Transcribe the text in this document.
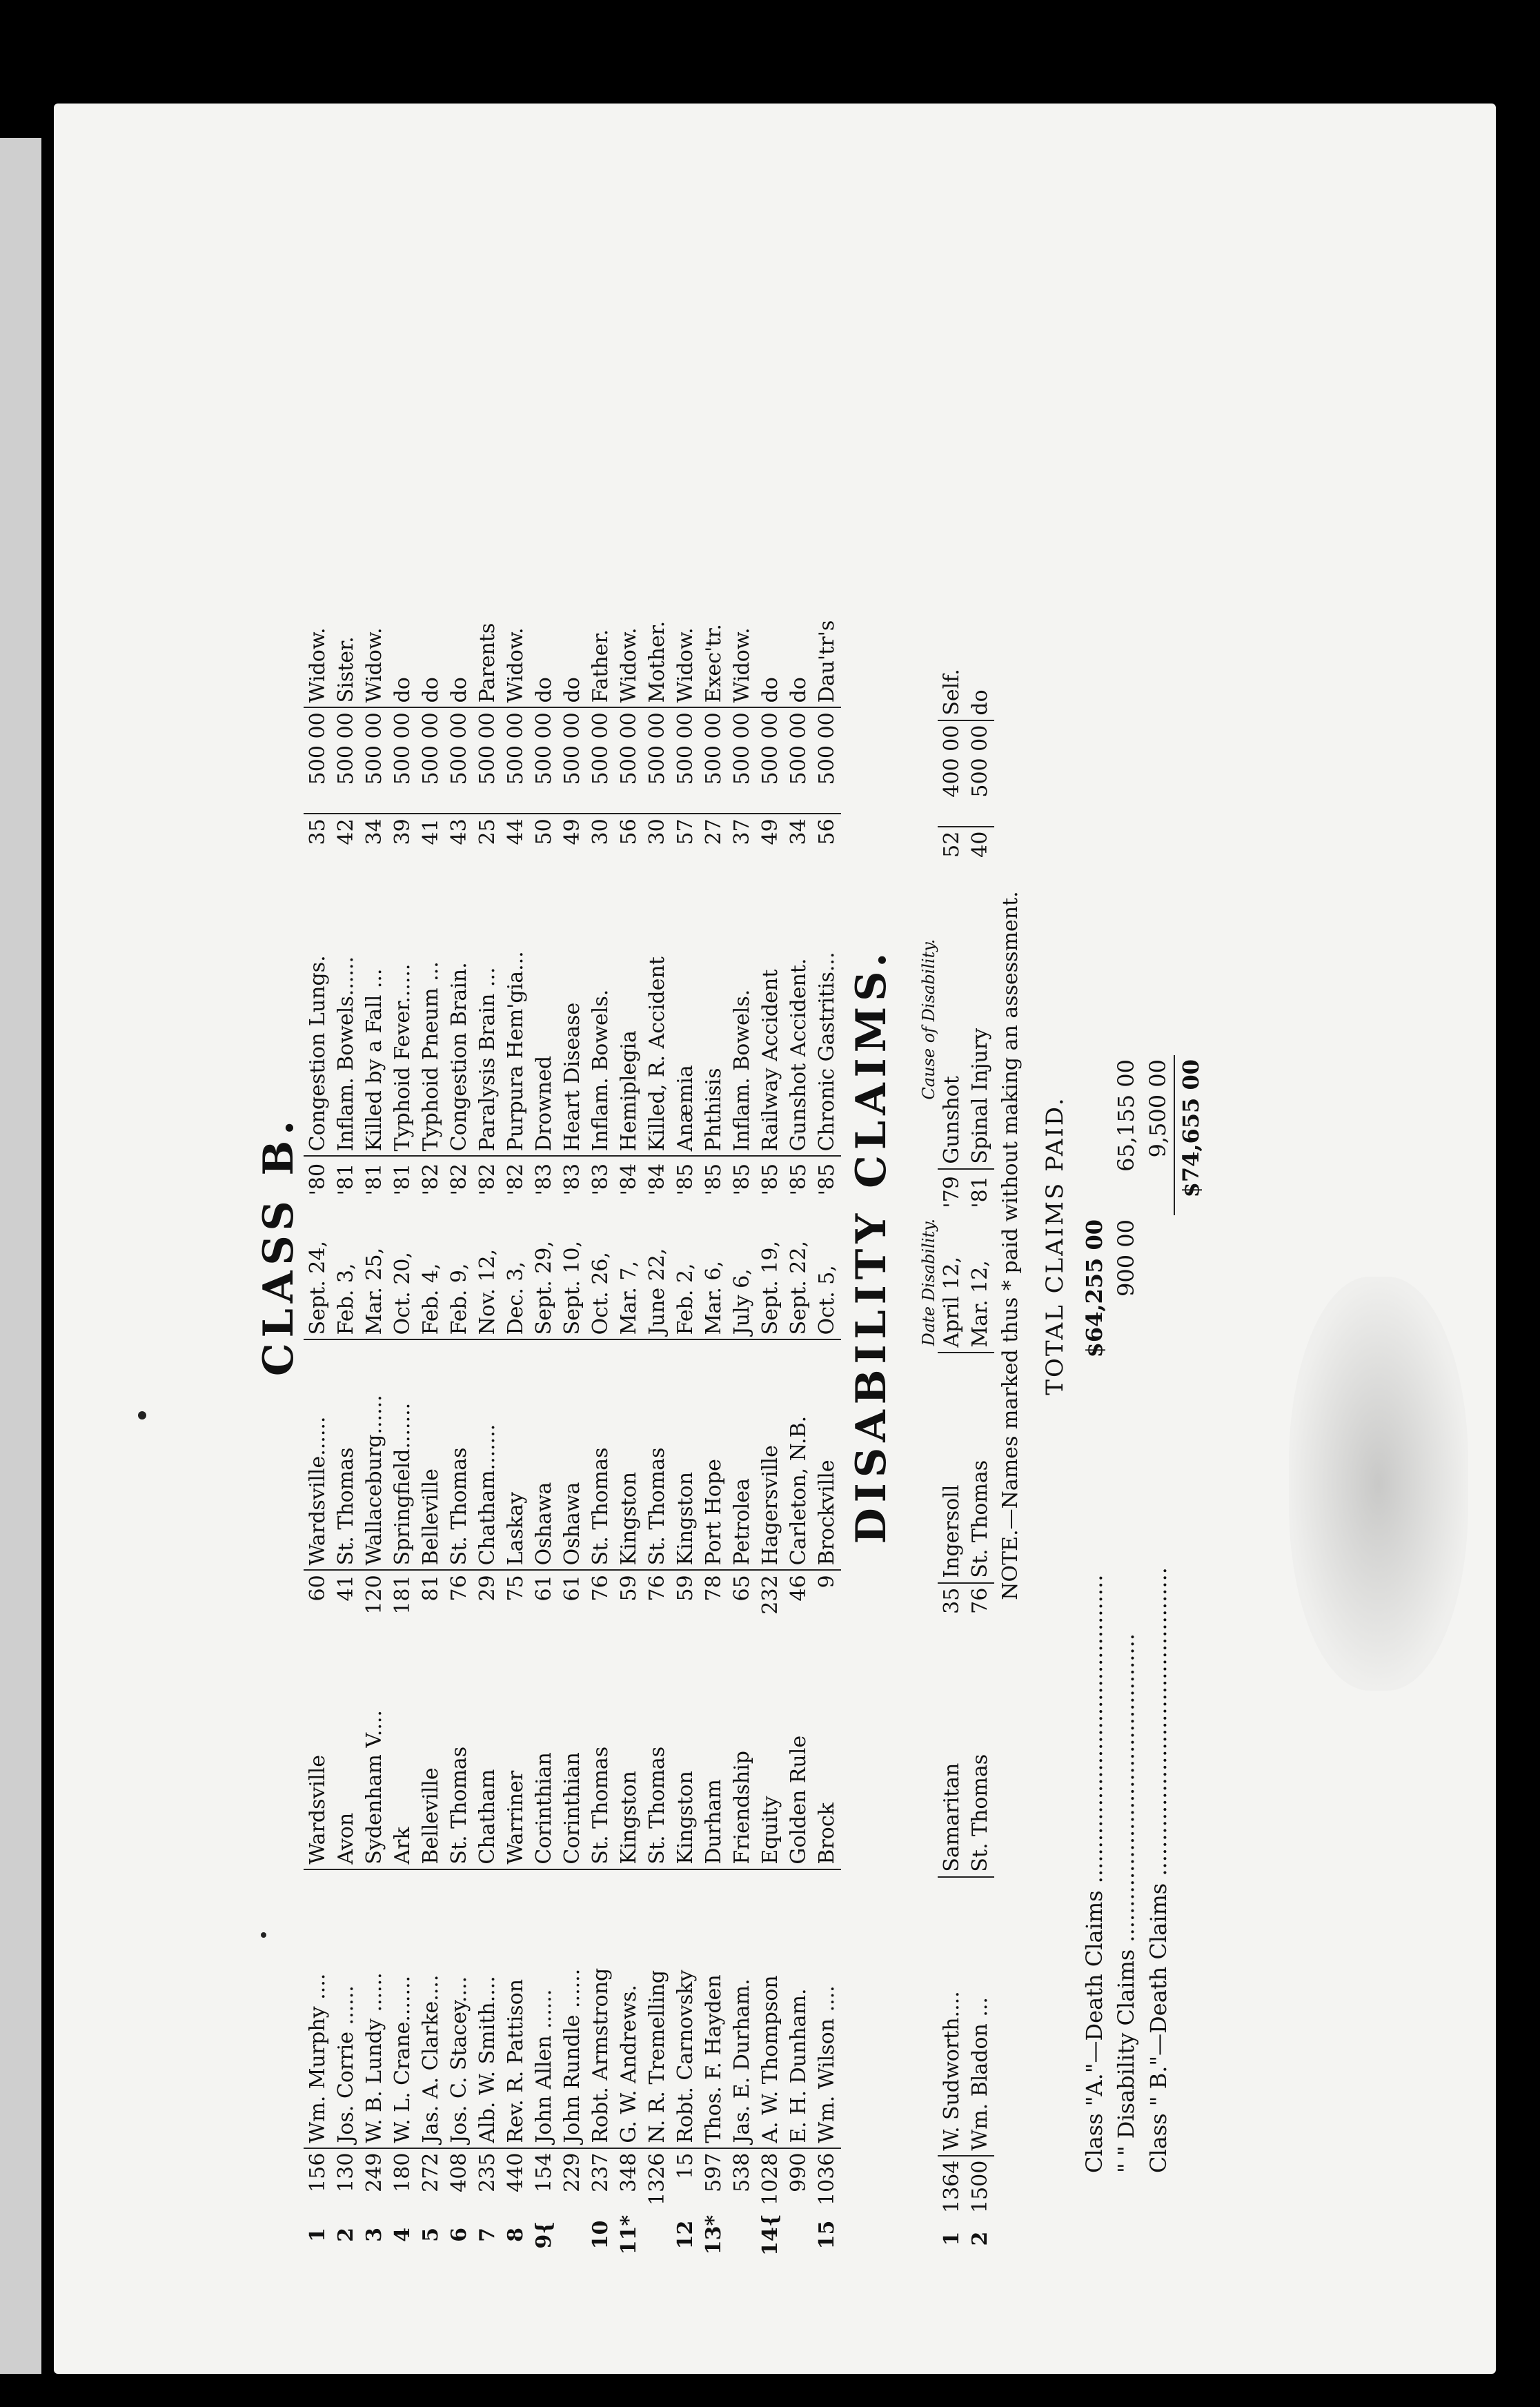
CLASS B.
1	156	Wm. Murphy ....	Wardsville	60	Wardsville......	Sept. 24,	'80	Congestion Lungs.	35	500 00	Widow.
2	130	Jos. Corrie ......	Avon	41	St. Thomas	Feb. 3,	'81	Inflam. Bowels......	42	500 00	Sister.
3	249	W. B. Lundy ......	Sydenham V....	120	Wallaceburg......	Mar. 25,	'81	Killed by a Fall ...	34	500 00	Widow.
4	180	W. L. Crane.......	Ark	181	Springfield.......	Oct. 20,	'81	Typhoid Fever......	39	500 00	do
5	272	Jas. A. Clarke....	Belleville	81	Belleville	Feb. 4,	'82	Typhoid Pneum ...	41	500 00	do
6	408	Jos. C. Stacey....	St. Thomas	76	St. Thomas	Feb. 9,	'82	Congestion Brain.	43	500 00	do
7	235	Alb. W. Smith....	Chatham	29	Chatham.......	Nov. 12,	'82	Paralysis Brain ...	25	500 00	Parents
8	440	Rev. R. Pattison	Warriner	75	Laskay	Dec. 3,	'82	Purpura Hem'gia...	44	500 00	Widow.
9{	154	John Allen ......	Corinthian	61	Oshawa	Sept. 29,	'83	Drowned	50	500 00	do
	229	John Rundle ......	Corinthian	61	Oshawa	Sept. 10,	'83	Heart Disease	49	500 00	do
10	237	Robt. Armstrong	St. Thomas	76	St. Thomas	Oct. 26,	'83	Inflam. Bowels.	30	500 00	Father.
11*	348	G. W. Andrews.	Kingston	59	Kingston	Mar. 7,	'84	Hemiplegia	56	500 00	Widow.
	1326	N. R. Tremelling	St. Thomas	76	St. Thomas	June 22,	'84	Killed, R. Accident	30	500 00	Mother.
12	15	Robt. Carnovsky	Kingston	59	Kingston	Feb. 2,	'85	Anæmia	57	500 00	Widow.
13*	597	Thos. F. Hayden	Durham	78	Port Hope	Mar. 6,	'85	Phthisis	27	500 00	Exec'tr.
	538	Jas. E. Durham.	Friendship	65	Petrolea	July 6,	'85	Inflam. Bowels.	37	500 00	Widow.
14{	1028	A. W. Thompson	Equity	232	Hagersville	Sept. 19,	'85	Railway Accident	49	500 00	do
	990	E. H. Dunham.	Golden Rule	46	Carleton, N.B.	Sept. 22,	'85	Gunshot Accident.	34	500 00	do
15	1036	Wm. Wilson ....	Brock	9	Brockville	Oct. 5,	'85	Chronic Gastritis...	56	500 00	Dau'tr's
DISABILITY CLAIMS.
						Date Disability.		Cause of Disability.			
1	1364	W. Sudworth....	Samaritan	35	Ingersoll	April 12,	'79	Gunshot	52	400 00	Self.
2	1500	Wm. Bladon ...	St. Thomas	76	St. Thomas	Mar. 12,	'81	Spinal Injury	40	500 00	do
NOTE.—Names marked thus * paid without making an assessment. TOTAL CLAIMS PAID.
Class "A."—Death Claims ............................................	$64,255 00	
" " Disability Claims ............................................	900 00	65,155 00
Class " B."—Death Claims ............................................		9,500 00
		$74,655 00
